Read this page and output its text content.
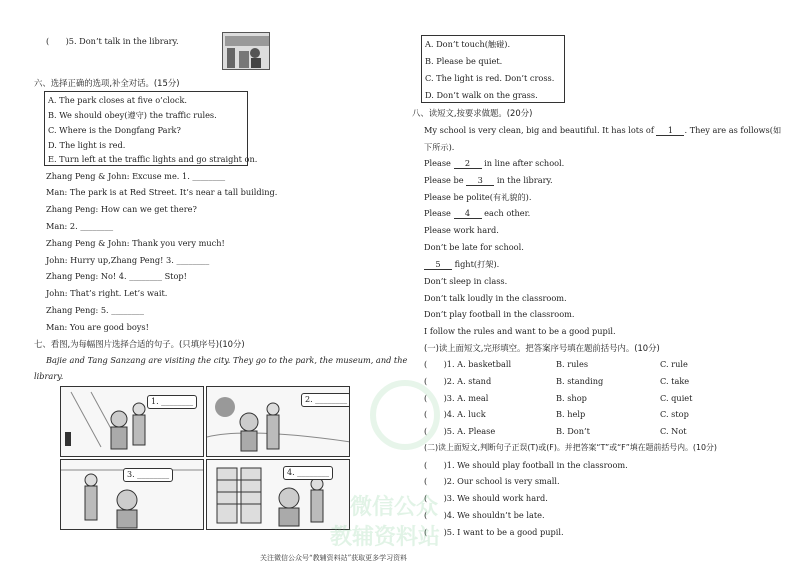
(　　)5. Don’t talk in the library.
六、选择正确的选项,补全对话。(15分)
A. The park closes at five o’clock.
B. We should obey(遵守) the traffic rules.
C. Where is the Dongfang Park?
D. The light is red.
E. Turn left at the traffic lights and go straight on.
Zhang Peng & John: Excuse me. 1. ________
Man: The park is at Red Street. It’s near a tall building.
Zhang Peng: How can we get there?
Man: 2. ________
Zhang Peng & John: Thank you very much!
John: Hurry up,Zhang Peng! 3. ________
Zhang Peng: No! 4. ________ Stop!
John: That’s right. Let’s wait.
Zhang Peng: 5. ________
Man: You are good boys!
七、看图,为每幅图片选择合适的句子。(只填序号)(10分)
Bajie and Tang Sanzang are visiting the city. They go to the park, the museum, and the
library.
1. ________	2. ________
3. ________	4. ________
A. Don’t touch(触碰).
B. Please be quiet.
C. The light is red. Don’t cross.
D. Don’t walk on the grass.
八、读短文,按要求做题。(20分)
My school is very clean, big and beautiful. It has lots of 1 . They are as follows(如
下所示).
Please 2 in line after school.
Please be 3 in the library.
Please be polite(有礼貌的).
Please 4 each other.
Please work hard.
Don’t be late for school.
5 fight(打架).
Don’t sleep in class.
Don’t talk loudly in the classroom.
Don’t play football in the classroom.
I follow the rules and want to be a good pupil.
(一)读上面短文,完形填空。把答案序号填在题前括号内。(10分)
(　　)1. A. basketball	B. rules	C. rule
(　　)2. A. stand	B. standing	C. take
(　　)3. A. meal	B. shop	C. quiet
(　　)4. A. luck	B. help	C. stop
(　　)5. A. Please	B. Don’t	C. Not
(二)读上面短文,判断句子正误(T)或(F)。并把答案“T”或“F”填在题前括号内。(10分)
(　　)1. We should play football in the classroom.
(　　)2. Our school is very small.
(　　)3. We should work hard.
(　　)4. We shouldn’t be late.
(　　)5. I want to be a good pupil.
微信公众
教辅资料站
关注微信公众号“教辅资料站”获取更多学习资料
